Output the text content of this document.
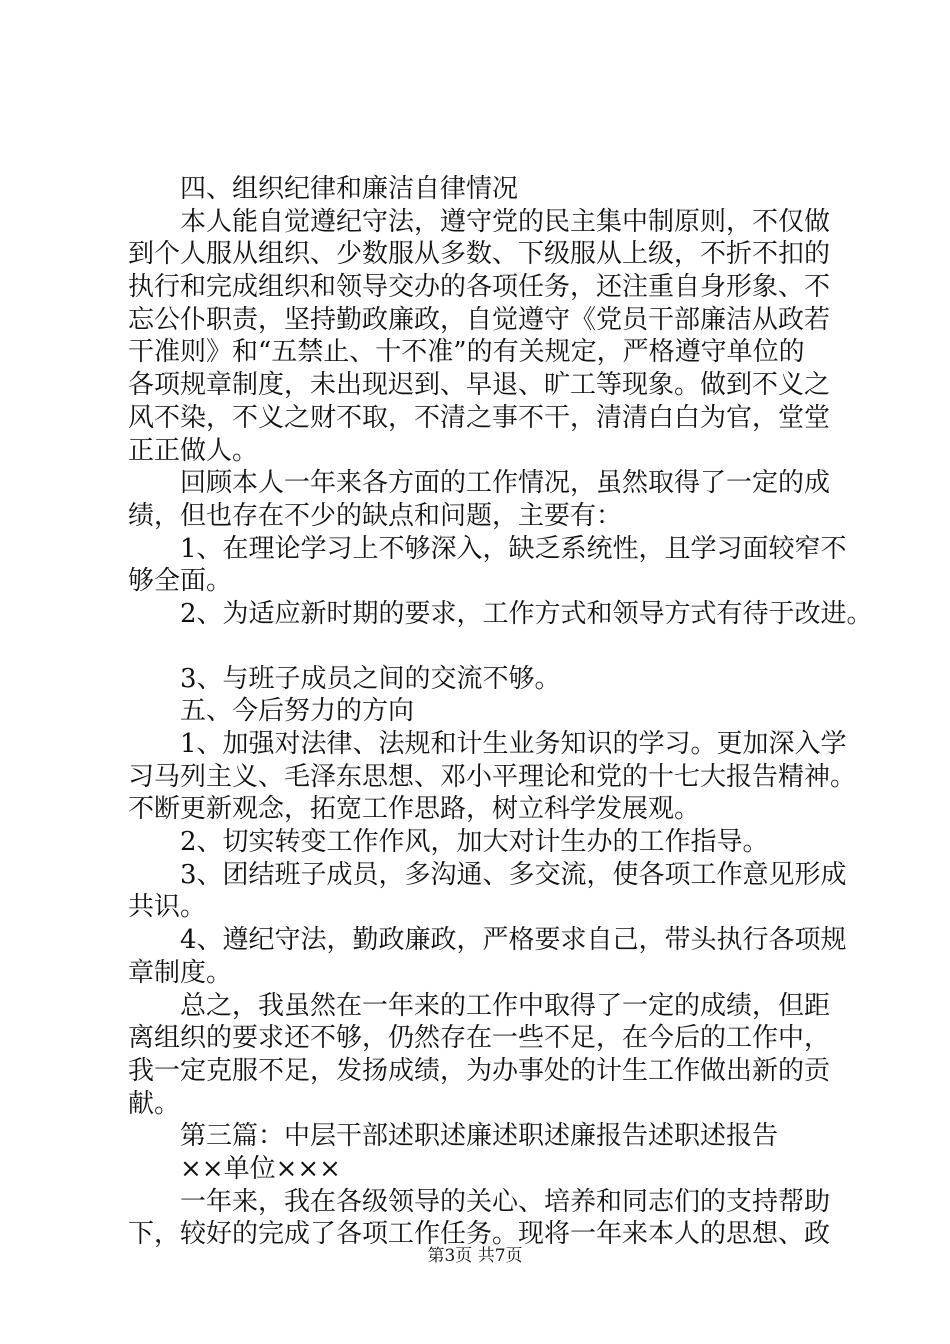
四、组织纪律和廉洁自律情况
本人能自觉遵纪守法，遵守党的民主集中制原则，不仅做
到个人服从组织、少数服从多数、下级服从上级，不折不扣的
执行和完成组织和领导交办的各项任务，还注重自身形象、不
忘公仆职责，坚持勤政廉政，自觉遵守《党员干部廉洁从政若
干准则》和“五禁止、十不准”的有关规定，严格遵守单位的
各项规章制度，未出现迟到、早退、旷工等现象。做到不义之
风不染，不义之财不取，不清之事不干，清清白白为官，堂堂
正正做人。
回顾本人一年来各方面的工作情况，虽然取得了一定的成
绩，但也存在不少的缺点和问题，主要有：
1、在理论学习上不够深入，缺乏系统性，且学习面较窄不
够全面。
2、为适应新时期的要求，工作方式和领导方式有待于改进。
3、与班子成员之间的交流不够。
五、今后努力的方向
1、加强对法律、法规和计生业务知识的学习。更加深入学
习马列主义、毛泽东思想、邓小平理论和党的十七大报告精神。
不断更新观念，拓宽工作思路，树立科学发展观。
2、切实转变工作作风，加大对计生办的工作指导。
3、团结班子成员，多沟通、多交流，使各项工作意见形成
共识。
4、遵纪守法，勤政廉政，严格要求自己，带头执行各项规
章制度。
总之，我虽然在一年来的工作中取得了一定的成绩，但距
离组织的要求还不够，仍然存在一些不足，在今后的工作中，
我一定克服不足，发扬成绩，为办事处的计生工作做出新的贡
献。
第三篇：中层干部述职述廉述职述廉报告述职述报告
××单位×××
一年来，我在各级领导的关心、培养和同志们的支持帮助
下，较好的完成了各项工作任务。现将一年来本人的思想、政
第3页 共7页
